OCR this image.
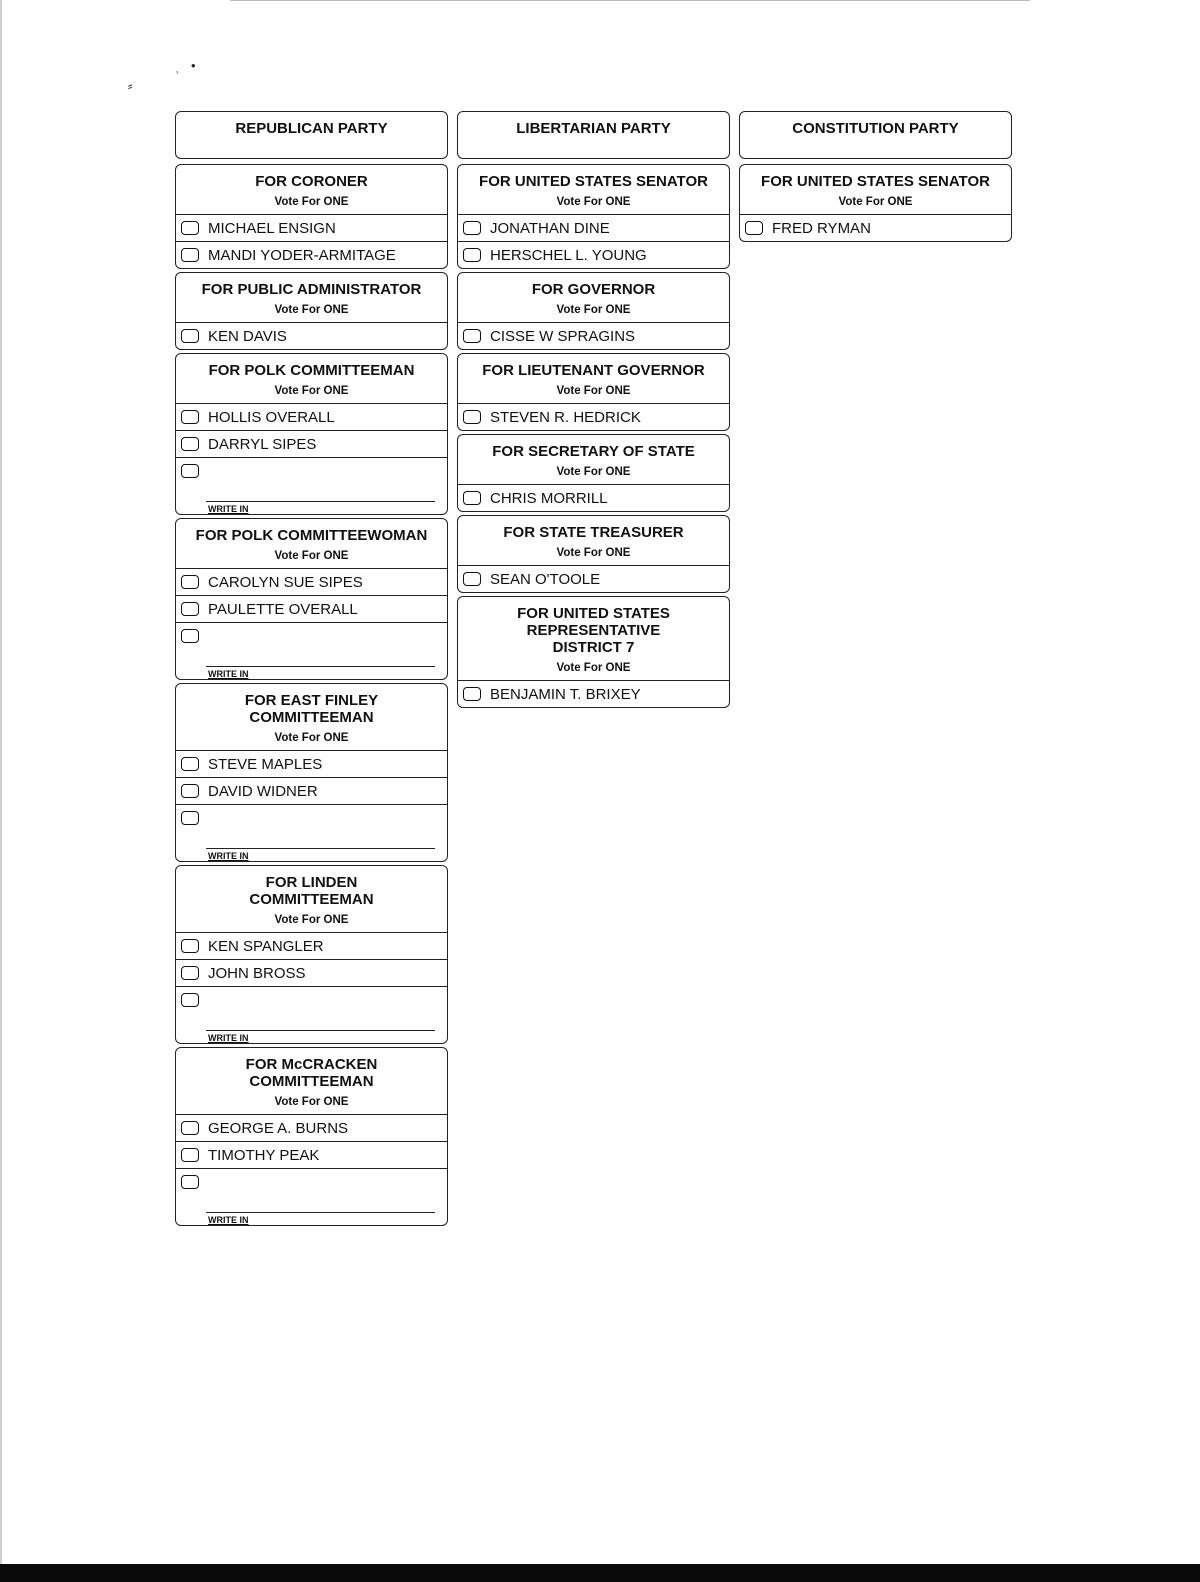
⸗
˒ •
REPUBLICAN PARTY
FOR CORONER
Vote For ONE
MICHAEL ENSIGN
MANDI YODER-ARMITAGE
FOR PUBLIC ADMINISTRATOR
Vote For ONE
KEN DAVIS
FOR POLK COMMITTEEMAN
Vote For ONE
HOLLIS OVERALL
DARRYL SIPES
WRITE IN
FOR POLK COMMITTEEWOMAN
Vote For ONE
CAROLYN SUE SIPES
PAULETTE OVERALL
WRITE IN
FOR EAST FINLEY
COMMITTEEMAN
Vote For ONE
STEVE MAPLES
DAVID WIDNER
WRITE IN
FOR LINDEN
COMMITTEEMAN
Vote For ONE
KEN SPANGLER
JOHN BROSS
WRITE IN
FOR McCRACKEN
COMMITTEEMAN
Vote For ONE
GEORGE A. BURNS
TIMOTHY PEAK
WRITE IN
LIBERTARIAN PARTY
FOR UNITED STATES SENATOR
Vote For ONE
JONATHAN DINE
HERSCHEL L. YOUNG
FOR GOVERNOR
Vote For ONE
CISSE W SPRAGINS
FOR LIEUTENANT GOVERNOR
Vote For ONE
STEVEN R. HEDRICK
FOR SECRETARY OF STATE
Vote For ONE
CHRIS MORRILL
FOR STATE TREASURER
Vote For ONE
SEAN O'TOOLE
FOR UNITED STATES
REPRESENTATIVE
DISTRICT 7
Vote For ONE
BENJAMIN T. BRIXEY
CONSTITUTION PARTY
FOR UNITED STATES SENATOR
Vote For ONE
FRED RYMAN
